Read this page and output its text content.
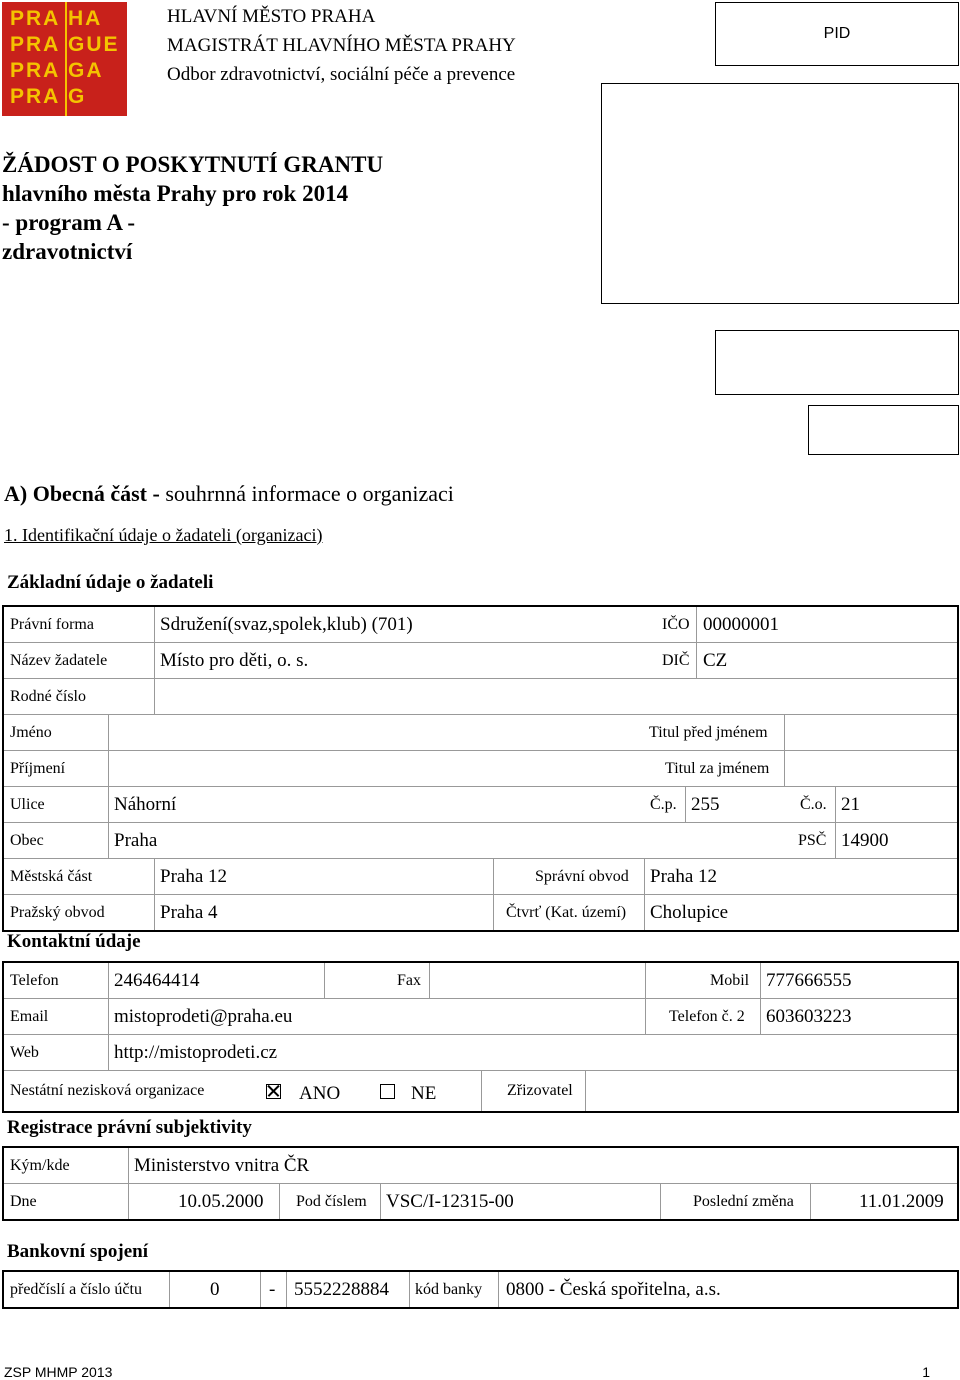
PRA HA
PRA GUE
PRA GA
PRA G
HLAVNÍ MĚSTO PRAHA
MAGISTRÁT HLAVNÍHO MĚSTA PRAHY
Odbor zdravotnictví, sociální péče a prevence
PID
ŽÁDOST O POSKYTNUTÍ GRANTU
hlavního města Prahy pro rok 2014
- program A -
zdravotnictví
A) Obecná část - souhrnná informace o organizaci
1. Identifikační údaje o žadateli (organizaci)
Základní údaje o žadateli
Právní forma	Sdružení(svaz,spolek,klub) (701)	IČO 00000001
Název žadatele	Místo pro děti, o. s.	DIČ CZ
Rodné číslo
Jméno	Titul před jménem
Příjmení	Titul za jménem
Ulice	Náhorní	Č.p. 255	Č.o. 21
Obec	Praha	PSČ 14900
Městská část	Praha 12	Správní obvod Praha 12
Pražský obvod	Praha 4	Čtvrť (Kat. území) Cholupice
Kontaktní údaje
Telefon	246464414	Fax	Mobil 777666555
Email	mistoprodeti@praha.eu	Telefon č. 2 603603223
Web	http://mistoprodeti.cz
Nestátní nezisková organizace	ANO	NE	Zřizovatel
Registrace právní subjektivity
Kým/kde	Ministerstvo vnitra ČR
Dne	10.05.2000 Pod číslem VSC/I-12315-00	Poslední změna	11.01.2009
Bankovní spojení
předčíslí a číslo účtu	0	- 5552228884 kód banky 0800 - Česká spořitelna, a.s.
ZSP MHMP 2013	1
